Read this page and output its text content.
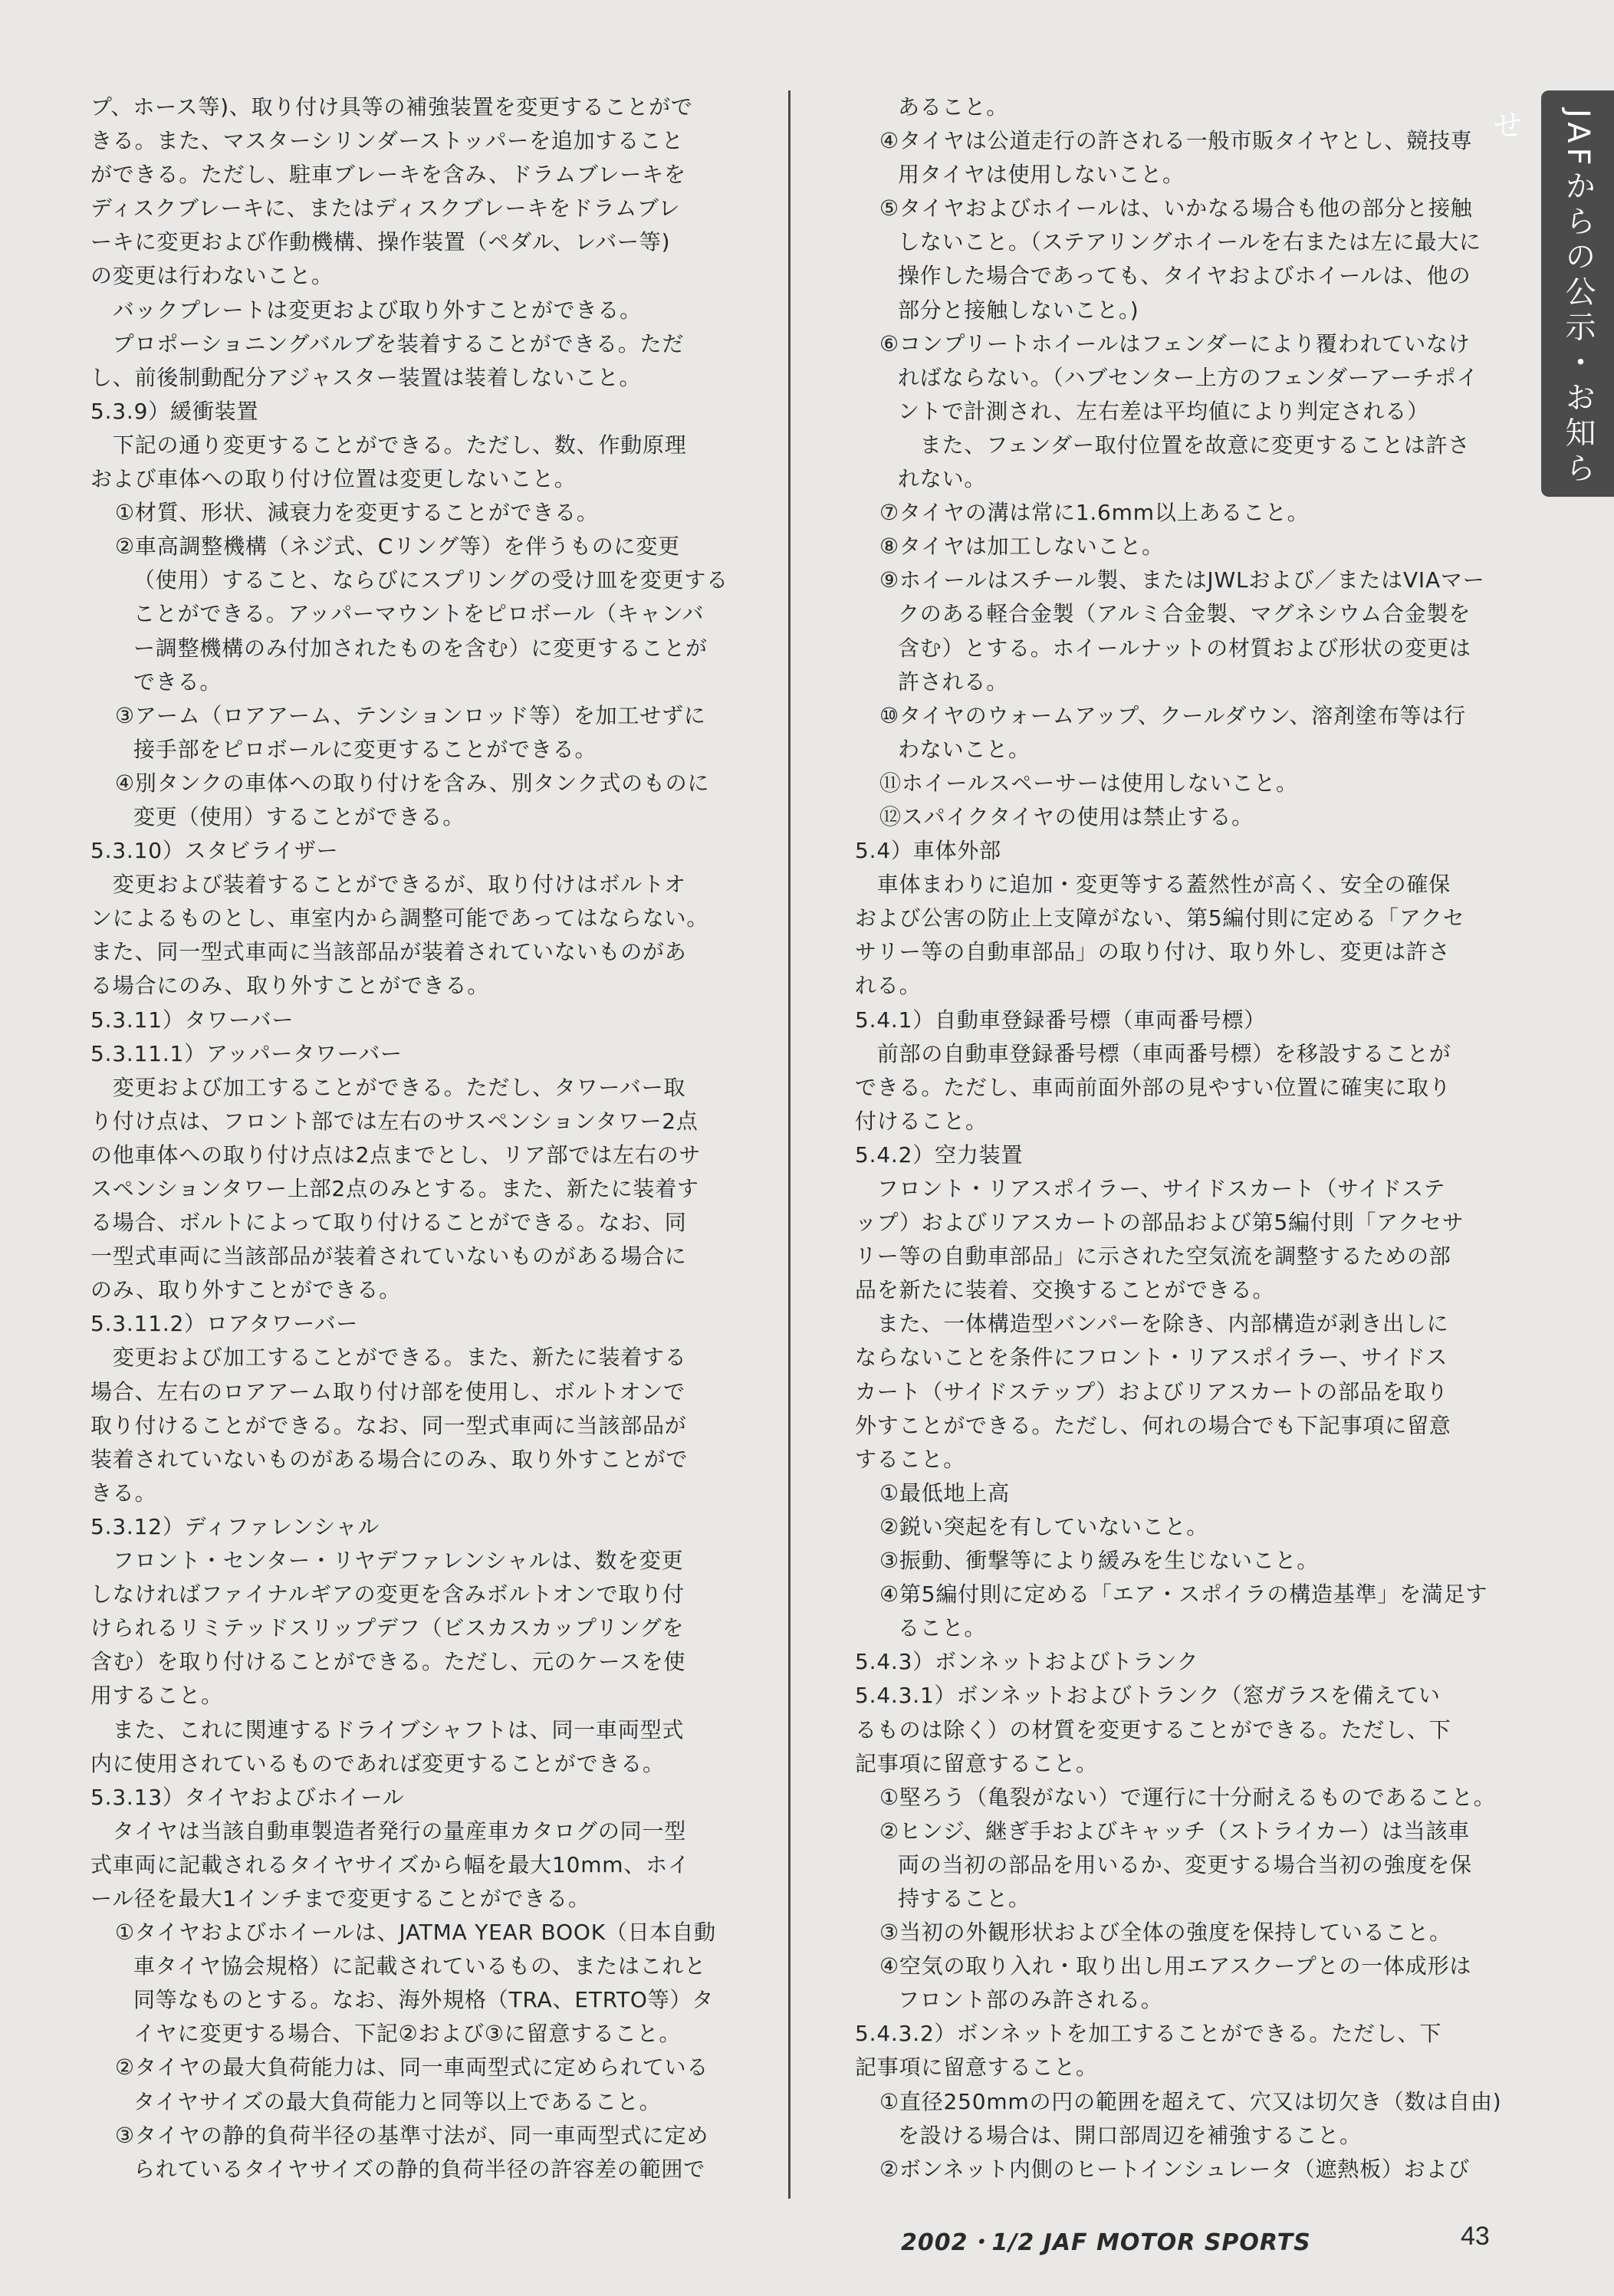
プ、ホース等)、取り付け具等の補強装置を変更することがで
きる。また、マスターシリンダーストッパーを追加すること
ができる。ただし、駐車ブレーキを含み、ドラムブレーキを
ディスクブレーキに、またはディスクブレーキをドラムブレ
ーキに変更および作動機構、操作装置（ペダル、レバー等)
の変更は行わないこと。
　バックプレートは変更および取り外すことができる。
　プロポーショニングバルブを装着することができる。ただ
し、前後制動配分アジャスター装置は装着しないこと。
5.3.9）緩衝装置
　下記の通り変更することができる。ただし、数、作動原理
および車体への取り付け位置は変更しないこと。
①材質、形状、減衰力を変更することができる。
②車高調整機構（ネジ式、Cリング等）を伴うものに変更
（使用）すること、ならびにスプリングの受け皿を変更する
ことができる。アッパーマウントをピロボール（キャンバ
ー調整機構のみ付加されたものを含む）に変更することが
できる。
③アーム（ロアアーム、テンションロッド等）を加工せずに
接手部をピロボールに変更することができる。
④別タンクの車体への取り付けを含み、別タンク式のものに
変更（使用）することができる。
5.3.10）スタビライザー
　変更および装着することができるが、取り付けはボルトオ
ンによるものとし、車室内から調整可能であってはならない。
また、同一型式車両に当該部品が装着されていないものがあ
る場合にのみ、取り外すことができる。
5.3.11）タワーバー
5.3.11.1）アッパータワーバー
　変更および加工することができる。ただし、タワーバー取
り付け点は、フロント部では左右のサスペンションタワー2点
の他車体への取り付け点は2点までとし、リア部では左右のサ
スペンションタワー上部2点のみとする。また、新たに装着す
る場合、ボルトによって取り付けることができる。なお、同
一型式車両に当該部品が装着されていないものがある場合に
のみ、取り外すことができる。
5.3.11.2）ロアタワーバー
　変更および加工することができる。また、新たに装着する
場合、左右のロアアーム取り付け部を使用し、ボルトオンで
取り付けることができる。なお、同一型式車両に当該部品が
装着されていないものがある場合にのみ、取り外すことがで
きる。
5.3.12）ディファレンシャル
　フロント・センター・リヤデファレンシャルは、数を変更
しなければファイナルギアの変更を含みボルトオンで取り付
けられるリミテッドスリップデフ（ビスカスカップリングを
含む）を取り付けることができる。ただし、元のケースを使
用すること。
　また、これに関連するドライブシャフトは、同一車両型式
内に使用されているものであれば変更することができる。
5.3.13）タイヤおよびホイール
　タイヤは当該自動車製造者発行の量産車カタログの同一型
式車両に記載されるタイヤサイズから幅を最大10mm、ホイ
ール径を最大1インチまで変更することができる。
①タイヤおよびホイールは、JATMA YEAR BOOK（日本自動
車タイヤ協会規格）に記載されているもの、またはこれと
同等なものとする。なお、海外規格（TRA、ETRTO等）タ
イヤに変更する場合、下記②および③に留意すること。
②タイヤの最大負荷能力は、同一車両型式に定められている
タイヤサイズの最大負荷能力と同等以上であること。
③タイヤの静的負荷半径の基準寸法が、同一車両型式に定め
られているタイヤサイズの静的負荷半径の許容差の範囲で
あること。
④タイヤは公道走行の許される一般市販タイヤとし、競技専
用タイヤは使用しないこと。
⑤タイヤおよびホイールは、いかなる場合も他の部分と接触
しないこと。（ステアリングホイールを右または左に最大に
操作した場合であっても、タイヤおよびホイールは、他の
部分と接触しないこと。)
⑥コンプリートホイールはフェンダーにより覆われていなけ
ればならない。（ハブセンター上方のフェンダーアーチポイ
ントで計測され、左右差は平均値により判定される）
　また、フェンダー取付位置を故意に変更することは許さ
れない。
⑦タイヤの溝は常に1.6mm以上あること。
⑧タイヤは加工しないこと。
⑨ホイールはスチール製、またはJWLおよび／またはVIAマー
クのある軽合金製（アルミ合金製、マグネシウム合金製を
含む）とする。ホイールナットの材質および形状の変更は
許される。
⑩タイヤのウォームアップ、クールダウン、溶剤塗布等は行
わないこと。
⑪ホイールスペーサーは使用しないこと。
⑫スパイクタイヤの使用は禁止する。
5.4）車体外部
　車体まわりに追加・変更等する蓋然性が高く、安全の確保
および公害の防止上支障がない、第5編付則に定める「アクセ
サリー等の自動車部品」の取り付け、取り外し、変更は許さ
れる。
5.4.1）自動車登録番号標（車両番号標）
　前部の自動車登録番号標（車両番号標）を移設することが
できる。ただし、車両前面外部の見やすい位置に確実に取り
付けること。
5.4.2）空力装置
　フロント・リアスポイラー、サイドスカート（サイドステ
ップ）およびリアスカートの部品および第5編付則「アクセサ
リー等の自動車部品」に示された空気流を調整するための部
品を新たに装着、交換することができる。
　また、一体構造型バンパーを除き、内部構造が剥き出しに
ならないことを条件にフロント・リアスポイラー、サイドス
カート（サイドステップ）およびリアスカートの部品を取り
外すことができる。ただし、何れの場合でも下記事項に留意
すること。
①最低地上高
②鋭い突起を有していないこと。
③振動、衝撃等により緩みを生じないこと。
④第5編付則に定める「エア・スポイラの構造基準」を満足す
ること。
5.4.3）ボンネットおよびトランク
5.4.3.1）ボンネットおよびトランク（窓ガラスを備えてい
るものは除く）の材質を変更することができる。ただし、下
記事項に留意すること。
①堅ろう（亀裂がない）で運行に十分耐えるものであること。
②ヒンジ、継ぎ手およびキャッチ（ストライカー）は当該車
両の当初の部品を用いるか、変更する場合当初の強度を保
持すること。
③当初の外観形状および全体の強度を保持していること。
④空気の取り入れ・取り出し用エアスクープとの一体成形は
フロント部のみ許される。
5.4.3.2）ボンネットを加工することができる。ただし、下
記事項に留意すること。
①直径250mmの円の範囲を超えて、穴又は切欠き（数は自由)
を設ける場合は、開口部周辺を補強すること。
②ボンネット内側のヒートインシュレータ（遮熱板）および
JAFからの公示・お知らせ
2002・1/2 JAF MOTOR SPORTS	43
